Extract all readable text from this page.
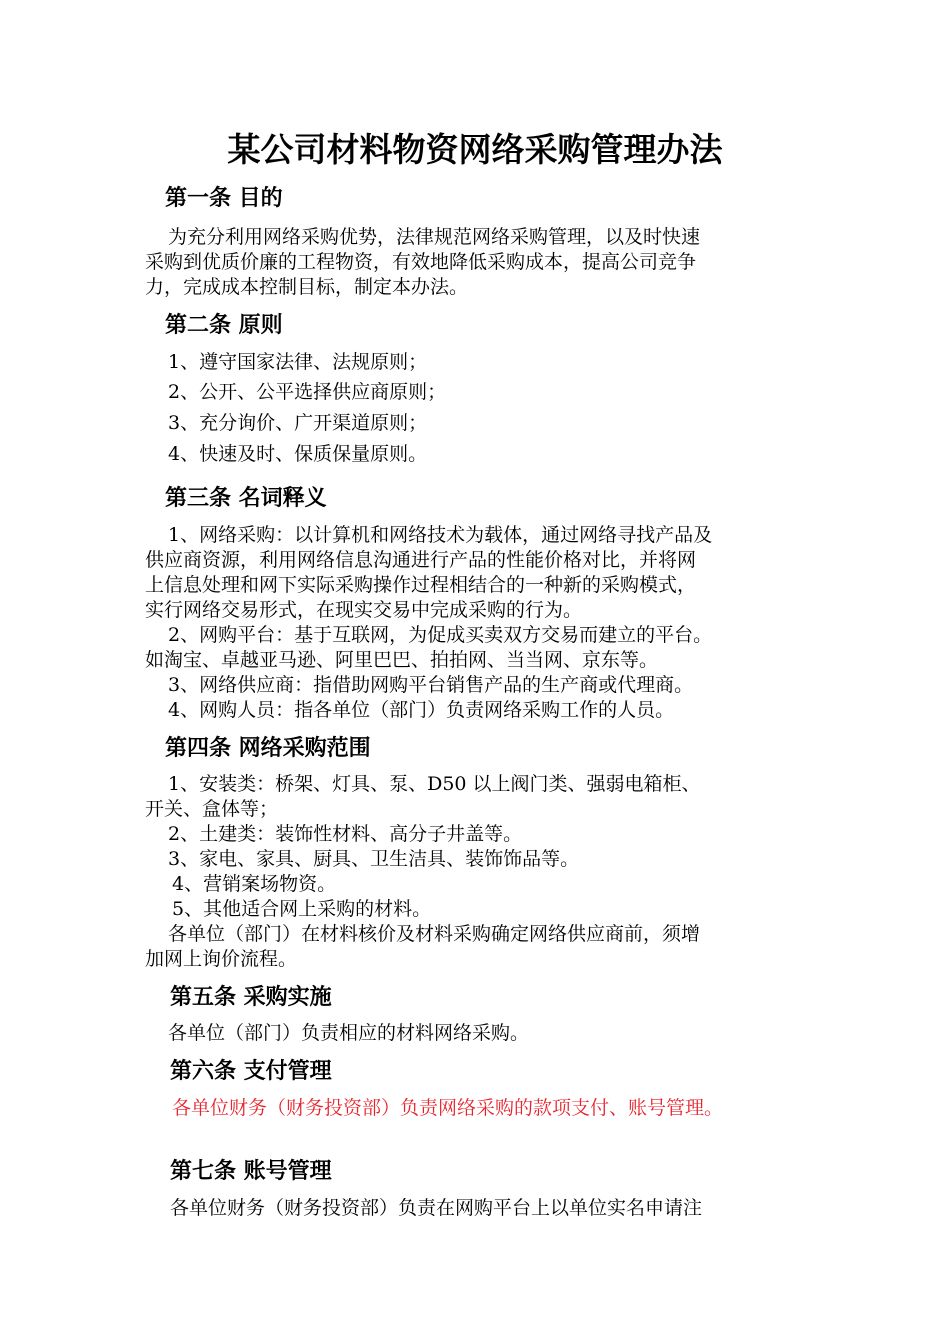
某公司材料物资网络采购管理办法
第一条 目的
为充分利用网络采购优势，法律规范网络采购管理，以及时快速
采购到优质价廉的工程物资，有效地降低采购成本，提高公司竞争
力，完成成本控制目标，制定本办法。
第二条 原则
1、遵守国家法律、法规原则；
2、公开、公平选择供应商原则；
3、充分询价、广开渠道原则；
4、快速及时、保质保量原则。
第三条 名词释义
1、网络采购：以计算机和网络技术为载体，通过网络寻找产品及
供应商资源，利用网络信息沟通进行产品的性能价格对比，并将网
上信息处理和网下实际采购操作过程相结合的一种新的采购模式，
实行网络交易形式，在现实交易中完成采购的行为。
2、网购平台：基于互联网，为促成买卖双方交易而建立的平台。
如淘宝、卓越亚马逊、阿里巴巴、拍拍网、当当网、京东等。
3、网络供应商：指借助网购平台销售产品的生产商或代理商。
4、网购人员：指各单位（部门）负责网络采购工作的人员。
第四条 网络采购范围
1、安装类：桥架、灯具、泵、D50 以上阀门类、强弱电箱柜、
开关、盒体等；
2、土建类：装饰性材料、高分子井盖等。
3、家电、家具、厨具、卫生洁具、装饰饰品等。
4、营销案场物资。
5、其他适合网上采购的材料。
各单位（部门）在材料核价及材料采购确定网络供应商前，须增
加网上询价流程。
第五条 采购实施
各单位（部门）负责相应的材料网络采购。
第六条 支付管理
各单位财务（财务投资部）负责网络采购的款项支付、账号管理。
第七条 账号管理
各单位财务（财务投资部）负责在网购平台上以单位实名申请注
